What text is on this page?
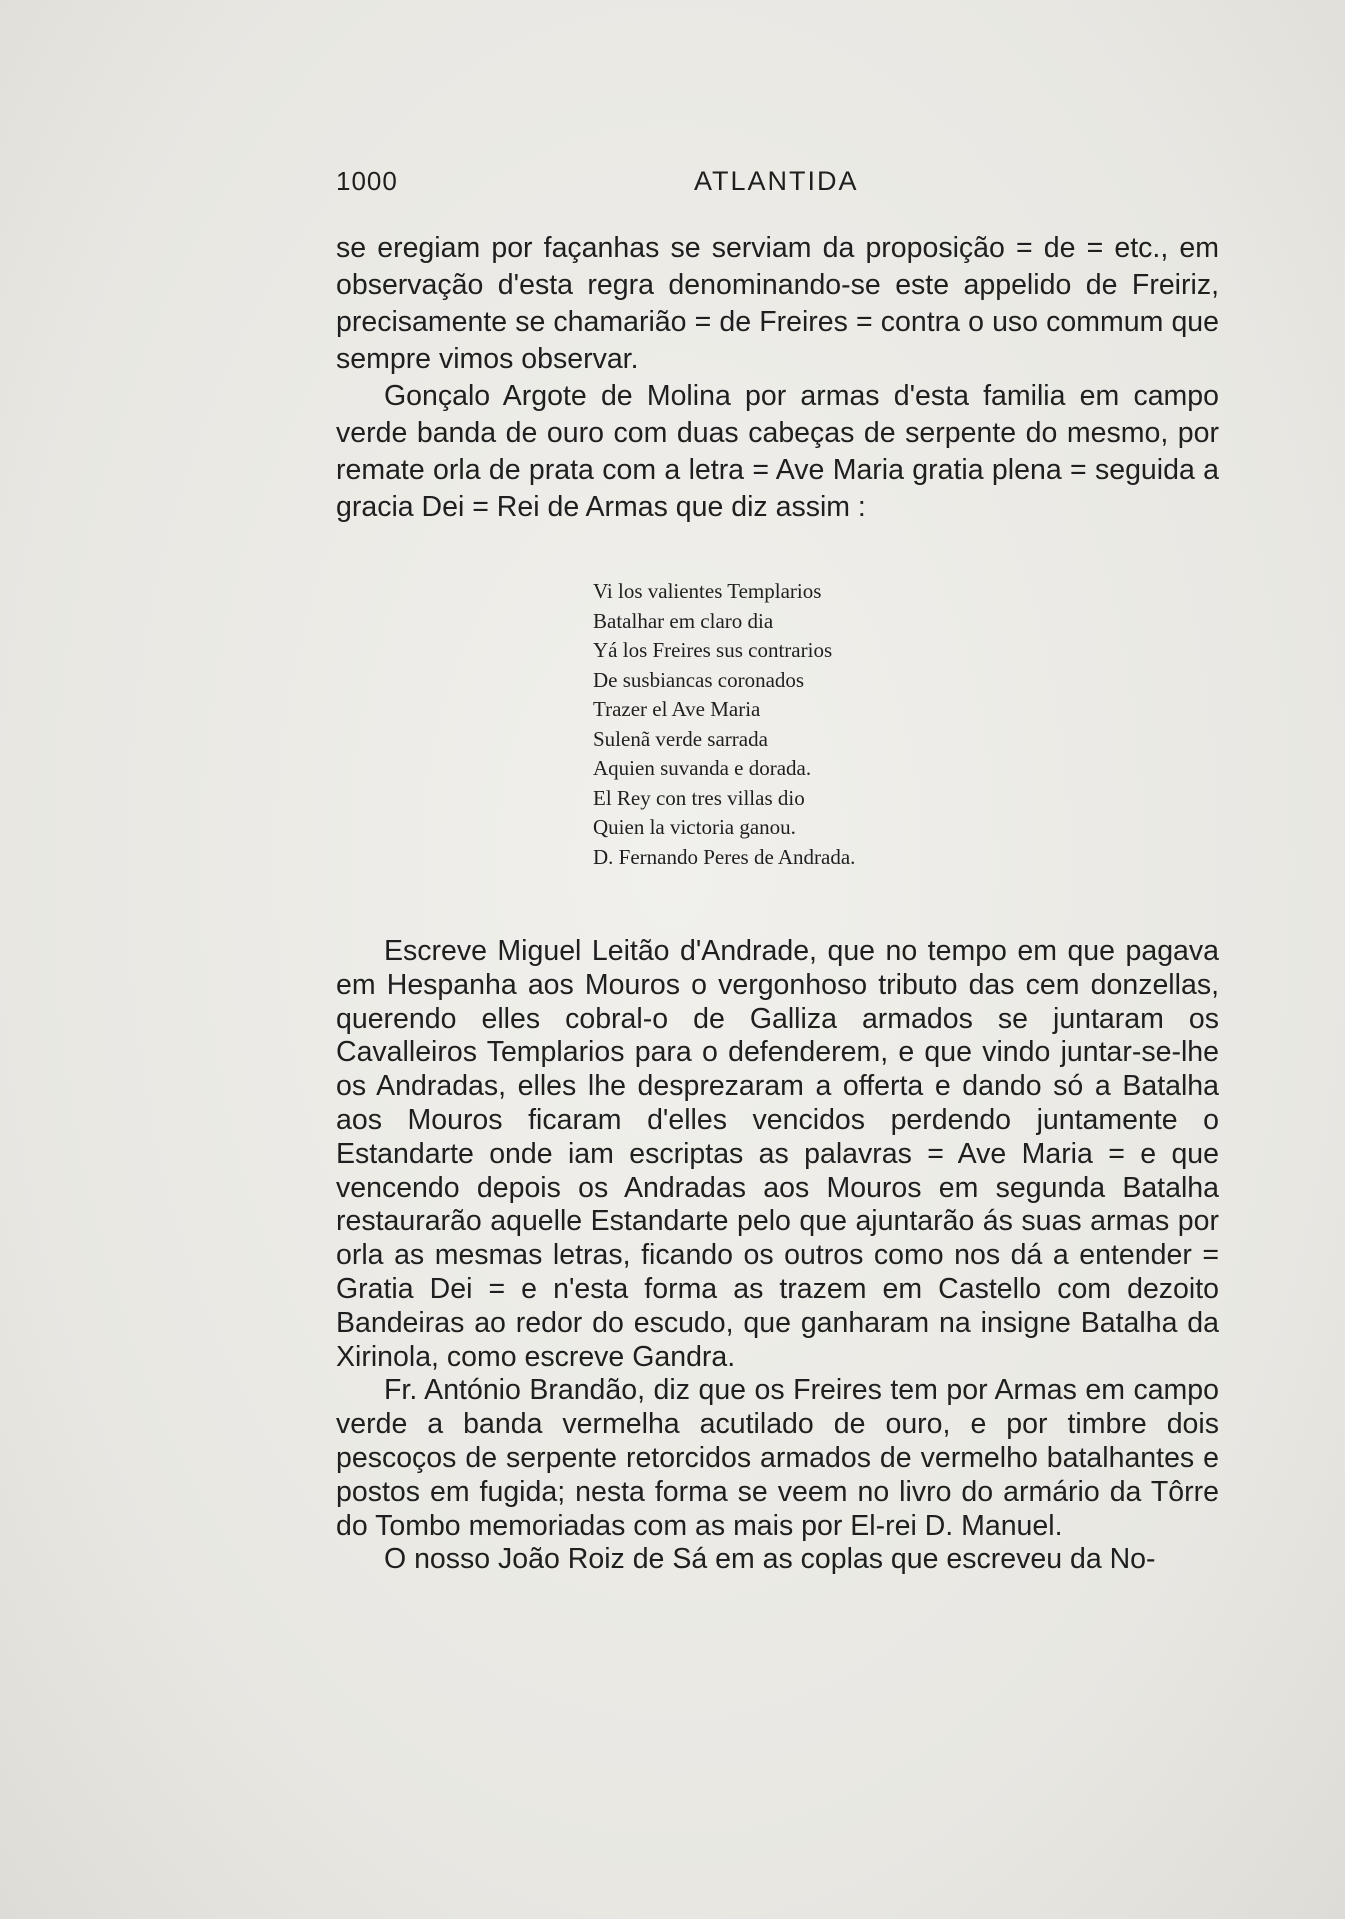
1000	ATLANTIDA

se eregiam por façanhas se serviam da proposição = de = etc., em observação d'esta regra denominando-se este appelido de Freiriz, precisamente se chamarião = de Freires = contra o uso commum que sempre vimos observar.

Gonçalo Argote de Molina por armas d'esta familia em campo verde banda de ouro com duas cabeças de serpente do mesmo, por remate orla de prata com a letra = Ave Maria gratia plena = seguida a gracia Dei = Rei de Armas que diz assim :

Vi los valientes Templarios
Batalhar em claro dia
Yá los Freires sus contrarios
De susbiancas coronados
Trazer el Ave Maria
Sulenã verde sarrada
Aquien suvanda e dorada.
El Rey con tres villas dio
Quien la victoria ganou.
D. Fernando Peres de Andrada.

Escreve Miguel Leitão d'Andrade, que no tempo em que pagava em Hespanha aos Mouros o vergonhoso tributo das cem donzellas, querendo elles cobral-o de Galliza armados se juntaram os Cavalleiros Templarios para o defenderem, e que vindo juntar-se-lhe os Andradas, elles lhe desprezaram a offerta e dando só a Batalha aos Mouros ficaram d'elles vencidos perdendo juntamente o Estandarte onde iam escriptas as palavras = Ave Maria = e que vencendo depois os Andradas aos Mouros em segunda Batalha restaurarão aquelle Estandarte pelo que ajuntarão ás suas armas por orla as mesmas letras, ficando os outros como nos dá a entender = Gratia Dei = e n'esta forma as trazem em Castello com dezoito Bandeiras ao redor do escudo, que ganharam na insigne Batalha da Xirinola, como escreve Gandra.

Fr. António Brandão, diz que os Freires tem por Armas em campo verde a banda vermelha acutilado de ouro, e por timbre dois pescoços de serpente retorcidos armados de vermelho batalhantes e postos em fugida; nesta forma se veem no livro do armário da Tôrre do Tombo memoriadas com as mais por El-rei D. Manuel.

O nosso João Roiz de Sá em as coplas que escreveu da No-
